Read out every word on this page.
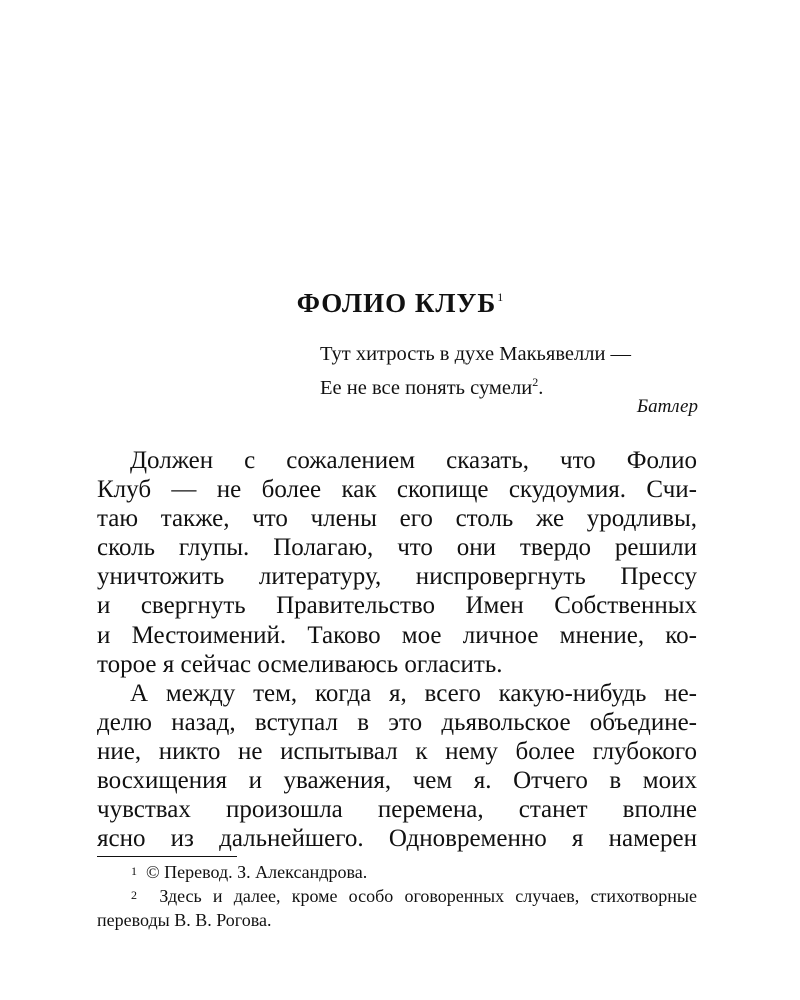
ФОЛИО КЛУБ$^1$
Тут хитрость в духе Макьявелли —
Ее не все понять сумели$^2$.
Батлер

Должен с сожалением сказать, что Фолио
Клуб — не более как скопище скудоумия. Счи-
таю также, что члены его столь же уродливы,
сколь глупы. Полагаю, что они твердо решили
уничтожить литературу, ниспровергнуть Прессу
и свергнуть Правительство Имен Собственных
и Местоимений. Таково мое личное мнение, ко-
торое я сейчас осмеливаюсь огласить.

А между тем, когда я, всего какую-нибудь не-
делю назад, вступал в это дьявольское объедине-
ние, никто не испытывал к нему более глубокого
восхищения и уважения, чем я. Отчего в моих
чувствах произошла перемена, станет вполне
ясно из дальнейшего. Одновременно я намерен

$^1$ © Перевод. З. Александрова.
$^2$ Здесь и далее, кроме особо оговоренных случаев, стихотворные переводы В. В. Рогова.
